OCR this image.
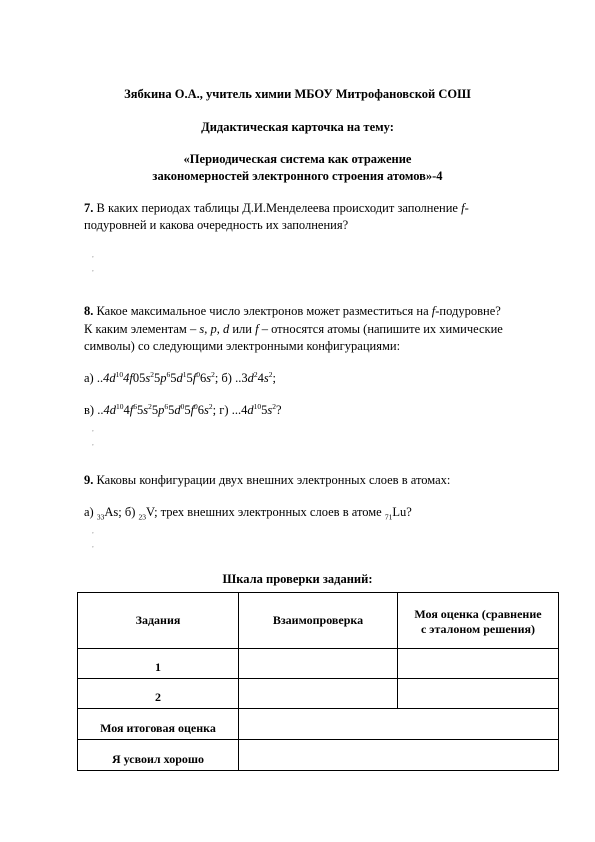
Зябкина О.А., учитель химии МБОУ Митрофановской СОШ
Дидактическая карточка на тему:
«Периодическая система как отражение
закономерностей электронного строения атомов»-4
7. В каких периодах таблицы Д.И.Менделеева происходит заполнение f-
подуровней и какова очередность их заполнения?
,
,
8. Какое максимальное число электронов может разместиться на f-подуровне?
К каким элементам – s, p, d или f – относятся атомы (напишите их химические
символы) со следующими электронными конфигурациями:
а) $..4d^{10}4f05s^25p^65d^15f^06s^2$; б) $..3d^24s^2$;
в) $..4d^{10}4f^65s^25p^65d^05f^06s^2$; г) $...4d^{10}5s^2$?
,
,
9. Каковы конфигурации двух внешних электронных слоев в атомах:
а) $_{33}$As; б) $_{23}$V; трех внешних электронных слоев в атоме $_{71}$Lu?
,
,
Шкала проверки заданий:
Задания	Взаимопроверка	Моя оценка (сравнение
с эталоном решения)

1		
2		
Моя итоговая оценка		
Я усвоил хорошо		
